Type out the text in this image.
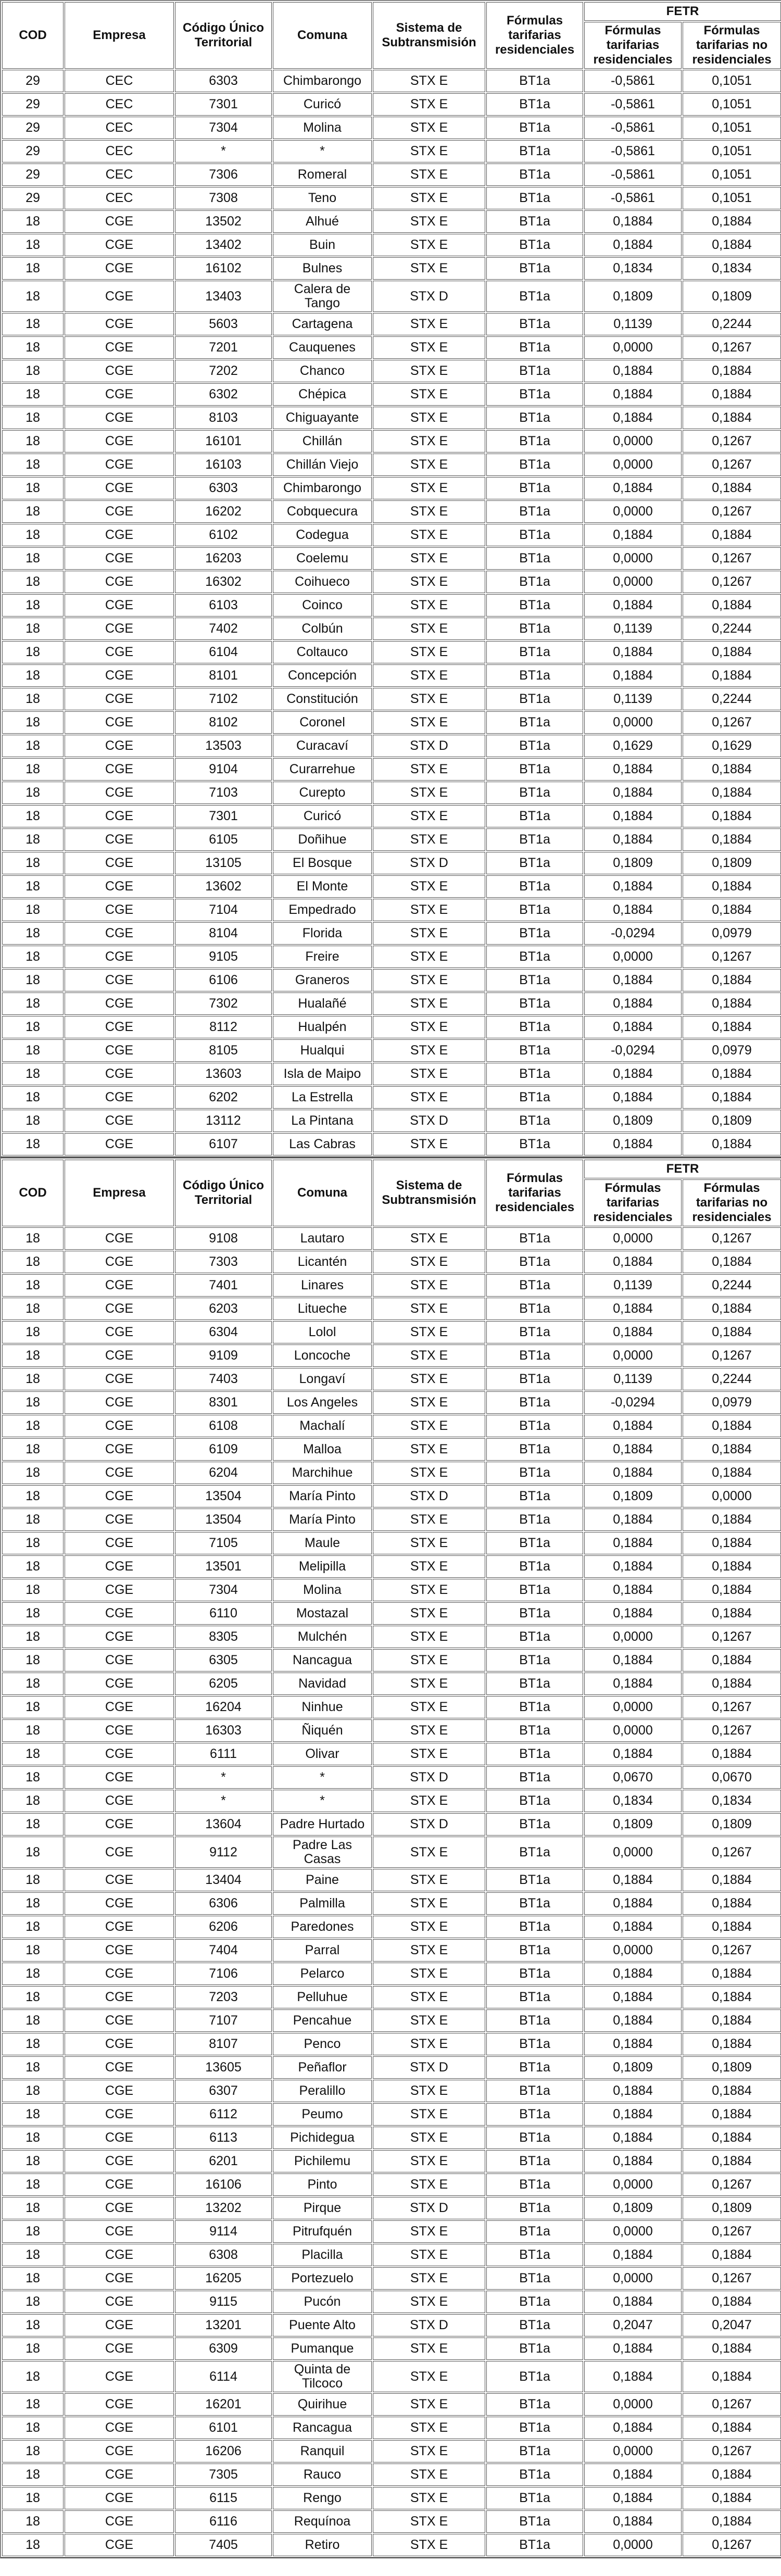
COD	Empresa	Código Único Territorial	Comuna	Sistema de Subtransmisión	Fórmulas tarifarias residenciales	FETR	
						Fórmulas tarifarias residenciales	Fórmulas tarifarias no residenciales
29	CEC	6303	Chimbarongo	STX E	BT1a	-0,5861	0,1051
29	CEC	7301	Curicó	STX E	BT1a	-0,5861	0,1051
29	CEC	7304	Molina	STX E	BT1a	-0,5861	0,1051
29	CEC	*	*	STX E	BT1a	-0,5861	0,1051
29	CEC	7306	Romeral	STX E	BT1a	-0,5861	0,1051
29	CEC	7308	Teno	STX E	BT1a	-0,5861	0,1051
18	CGE	13502	Alhué	STX E	BT1a	0,1884	0,1884
18	CGE	13402	Buin	STX E	BT1a	0,1884	0,1884
18	CGE	16102	Bulnes	STX E	BT1a	0,1834	0,1834
18	CGE	13403	Calera de Tango	STX D	BT1a	0,1809	0,1809
18	CGE	5603	Cartagena	STX E	BT1a	0,1139	0,2244
18	CGE	7201	Cauquenes	STX E	BT1a	0,0000	0,1267
18	CGE	7202	Chanco	STX E	BT1a	0,1884	0,1884
18	CGE	6302	Chépica	STX E	BT1a	0,1884	0,1884
18	CGE	8103	Chiguayante	STX E	BT1a	0,1884	0,1884
18	CGE	16101	Chillán	STX E	BT1a	0,0000	0,1267
18	CGE	16103	Chillán Viejo	STX E	BT1a	0,0000	0,1267
18	CGE	6303	Chimbarongo	STX E	BT1a	0,1884	0,1884
18	CGE	16202	Cobquecura	STX E	BT1a	0,0000	0,1267
18	CGE	6102	Codegua	STX E	BT1a	0,1884	0,1884
18	CGE	16203	Coelemu	STX E	BT1a	0,0000	0,1267
18	CGE	16302	Coihueco	STX E	BT1a	0,0000	0,1267
18	CGE	6103	Coinco	STX E	BT1a	0,1884	0,1884
18	CGE	7402	Colbún	STX E	BT1a	0,1139	0,2244
18	CGE	6104	Coltauco	STX E	BT1a	0,1884	0,1884
18	CGE	8101	Concepción	STX E	BT1a	0,1884	0,1884
18	CGE	7102	Constitución	STX E	BT1a	0,1139	0,2244
18	CGE	8102	Coronel	STX E	BT1a	0,0000	0,1267
18	CGE	13503	Curacaví	STX D	BT1a	0,1629	0,1629
18	CGE	9104	Curarrehue	STX E	BT1a	0,1884	0,1884
18	CGE	7103	Curepto	STX E	BT1a	0,1884	0,1884
18	CGE	7301	Curicó	STX E	BT1a	0,1884	0,1884
18	CGE	6105	Doñihue	STX E	BT1a	0,1884	0,1884
18	CGE	13105	El Bosque	STX D	BT1a	0,1809	0,1809
18	CGE	13602	El Monte	STX E	BT1a	0,1884	0,1884
18	CGE	7104	Empedrado	STX E	BT1a	0,1884	0,1884
18	CGE	8104	Florida	STX E	BT1a	-0,0294	0,0979
18	CGE	9105	Freire	STX E	BT1a	0,0000	0,1267
18	CGE	6106	Graneros	STX E	BT1a	0,1884	0,1884
18	CGE	7302	Hualañé	STX E	BT1a	0,1884	0,1884
18	CGE	8112	Hualpén	STX E	BT1a	0,1884	0,1884
18	CGE	8105	Hualqui	STX E	BT1a	-0,0294	0,0979
18	CGE	13603	Isla de Maipo	STX E	BT1a	0,1884	0,1884
18	CGE	6202	La Estrella	STX E	BT1a	0,1884	0,1884
18	CGE	13112	La Pintana	STX D	BT1a	0,1809	0,1809
18	CGE	6107	Las Cabras	STX E	BT1a	0,1884	0,1884
COD	Empresa	Código Único Territorial	Comuna	Sistema de Subtransmisión	Fórmulas tarifarias residenciales	FETR	
						Fórmulas tarifarias residenciales	Fórmulas tarifarias no residenciales
18	CGE	9108	Lautaro	STX E	BT1a	0,0000	0,1267
18	CGE	7303	Licantén	STX E	BT1a	0,1884	0,1884
18	CGE	7401	Linares	STX E	BT1a	0,1139	0,2244
18	CGE	6203	Litueche	STX E	BT1a	0,1884	0,1884
18	CGE	6304	Lolol	STX E	BT1a	0,1884	0,1884
18	CGE	9109	Loncoche	STX E	BT1a	0,0000	0,1267
18	CGE	7403	Longaví	STX E	BT1a	0,1139	0,2244
18	CGE	8301	Los Angeles	STX E	BT1a	-0,0294	0,0979
18	CGE	6108	Machalí	STX E	BT1a	0,1884	0,1884
18	CGE	6109	Malloa	STX E	BT1a	0,1884	0,1884
18	CGE	6204	Marchihue	STX E	BT1a	0,1884	0,1884
18	CGE	13504	María Pinto	STX D	BT1a	0,1809	0,0000
18	CGE	13504	María Pinto	STX E	BT1a	0,1884	0,1884
18	CGE	7105	Maule	STX E	BT1a	0,1884	0,1884
18	CGE	13501	Melipilla	STX E	BT1a	0,1884	0,1884
18	CGE	7304	Molina	STX E	BT1a	0,1884	0,1884
18	CGE	6110	Mostazal	STX E	BT1a	0,1884	0,1884
18	CGE	8305	Mulchén	STX E	BT1a	0,0000	0,1267
18	CGE	6305	Nancagua	STX E	BT1a	0,1884	0,1884
18	CGE	6205	Navidad	STX E	BT1a	0,1884	0,1884
18	CGE	16204	Ninhue	STX E	BT1a	0,0000	0,1267
18	CGE	16303	Ñiquén	STX E	BT1a	0,0000	0,1267
18	CGE	6111	Olivar	STX E	BT1a	0,1884	0,1884
18	CGE	*	*	STX D	BT1a	0,0670	0,0670
18	CGE	*	*	STX E	BT1a	0,1834	0,1834
18	CGE	13604	Padre Hurtado	STX D	BT1a	0,1809	0,1809
18	CGE	9112	Padre Las Casas	STX E	BT1a	0,0000	0,1267
18	CGE	13404	Paine	STX E	BT1a	0,1884	0,1884
18	CGE	6306	Palmilla	STX E	BT1a	0,1884	0,1884
18	CGE	6206	Paredones	STX E	BT1a	0,1884	0,1884
18	CGE	7404	Parral	STX E	BT1a	0,0000	0,1267
18	CGE	7106	Pelarco	STX E	BT1a	0,1884	0,1884
18	CGE	7203	Pelluhue	STX E	BT1a	0,1884	0,1884
18	CGE	7107	Pencahue	STX E	BT1a	0,1884	0,1884
18	CGE	8107	Penco	STX E	BT1a	0,1884	0,1884
18	CGE	13605	Peñaflor	STX D	BT1a	0,1809	0,1809
18	CGE	6307	Peralillo	STX E	BT1a	0,1884	0,1884
18	CGE	6112	Peumo	STX E	BT1a	0,1884	0,1884
18	CGE	6113	Pichidegua	STX E	BT1a	0,1884	0,1884
18	CGE	6201	Pichilemu	STX E	BT1a	0,1884	0,1884
18	CGE	16106	Pinto	STX E	BT1a	0,0000	0,1267
18	CGE	13202	Pirque	STX D	BT1a	0,1809	0,1809
18	CGE	9114	Pitrufquén	STX E	BT1a	0,0000	0,1267
18	CGE	6308	Placilla	STX E	BT1a	0,1884	0,1884
18	CGE	16205	Portezuelo	STX E	BT1a	0,0000	0,1267
18	CGE	9115	Pucón	STX E	BT1a	0,1884	0,1884
18	CGE	13201	Puente Alto	STX D	BT1a	0,2047	0,2047
18	CGE	6309	Pumanque	STX E	BT1a	0,1884	0,1884
18	CGE	6114	Quinta de Tilcoco	STX E	BT1a	0,1884	0,1884
18	CGE	16201	Quirihue	STX E	BT1a	0,0000	0,1267
18	CGE	6101	Rancagua	STX E	BT1a	0,1884	0,1884
18	CGE	16206	Ranquil	STX E	BT1a	0,0000	0,1267
18	CGE	7305	Rauco	STX E	BT1a	0,1884	0,1884
18	CGE	6115	Rengo	STX E	BT1a	0,1884	0,1884
18	CGE	6116	Requínoa	STX E	BT1a	0,1884	0,1884
18	CGE	7405	Retiro	STX E	BT1a	0,0000	0,1267
